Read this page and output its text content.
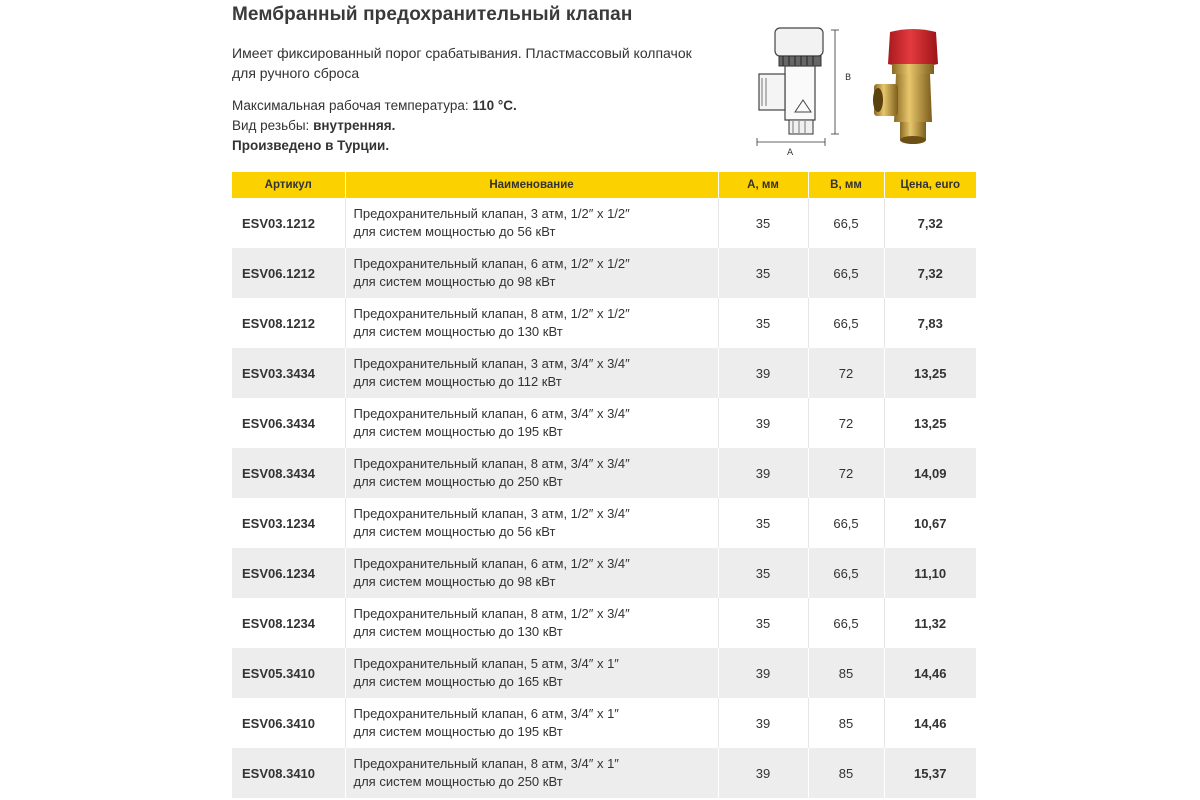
Мембранный предохранительный клапан
Имеет фиксированный порог срабатывания. Пластмассовый колпачок для ручного сброса
Максимальная рабочая температура: 110 °C.
Вид резьбы: внутренняя.
Произведено в Турции.
B
A
Артикул	Наименование	А, мм	В, мм	Цена, euro
ESV03.1212	Предохранительный клапан, 3 атм, 1/2″ x 1/2″
для систем мощностью до 56 кВт	35	66,5	7,32
ESV06.1212	Предохранительный клапан, 6 атм, 1/2″ x 1/2″
для систем мощностью до 98 кВт	35	66,5	7,32
ESV08.1212	Предохранительный клапан, 8 атм, 1/2″ x 1/2″
для систем мощностью до 130 кВт	35	66,5	7,83
ESV03.3434	Предохранительный клапан, 3 атм, 3/4″ x 3/4″
для систем мощностью до 112 кВт	39	72	13,25
ESV06.3434	Предохранительный клапан, 6 атм, 3/4″ x 3/4″
для систем мощностью до 195 кВт	39	72	13,25
ESV08.3434	Предохранительный клапан, 8 атм, 3/4″ x 3/4″
для систем мощностью до 250 кВт	39	72	14,09
ESV03.1234	Предохранительный клапан, 3 атм, 1/2″ x 3/4″
для систем мощностью до 56 кВт	35	66,5	10,67
ESV06.1234	Предохранительный клапан, 6 атм, 1/2″ x 3/4″
для систем мощностью до 98 кВт	35	66,5	11,10
ESV08.1234	Предохранительный клапан, 8 атм, 1/2″ x 3/4″
для систем мощностью до 130 кВт	35	66,5	11,32
ESV05.3410	Предохранительный клапан, 5 атм, 3/4″ x 1″
для систем мощностью до 165 кВт	39	85	14,46
ESV06.3410	Предохранительный клапан, 6 атм, 3/4″ x 1″
для систем мощностью до 195 кВт	39	85	14,46
ESV08.3410	Предохранительный клапан, 8 атм, 3/4″ x 1″
для систем мощностью до 250 кВт	39	85	15,37
